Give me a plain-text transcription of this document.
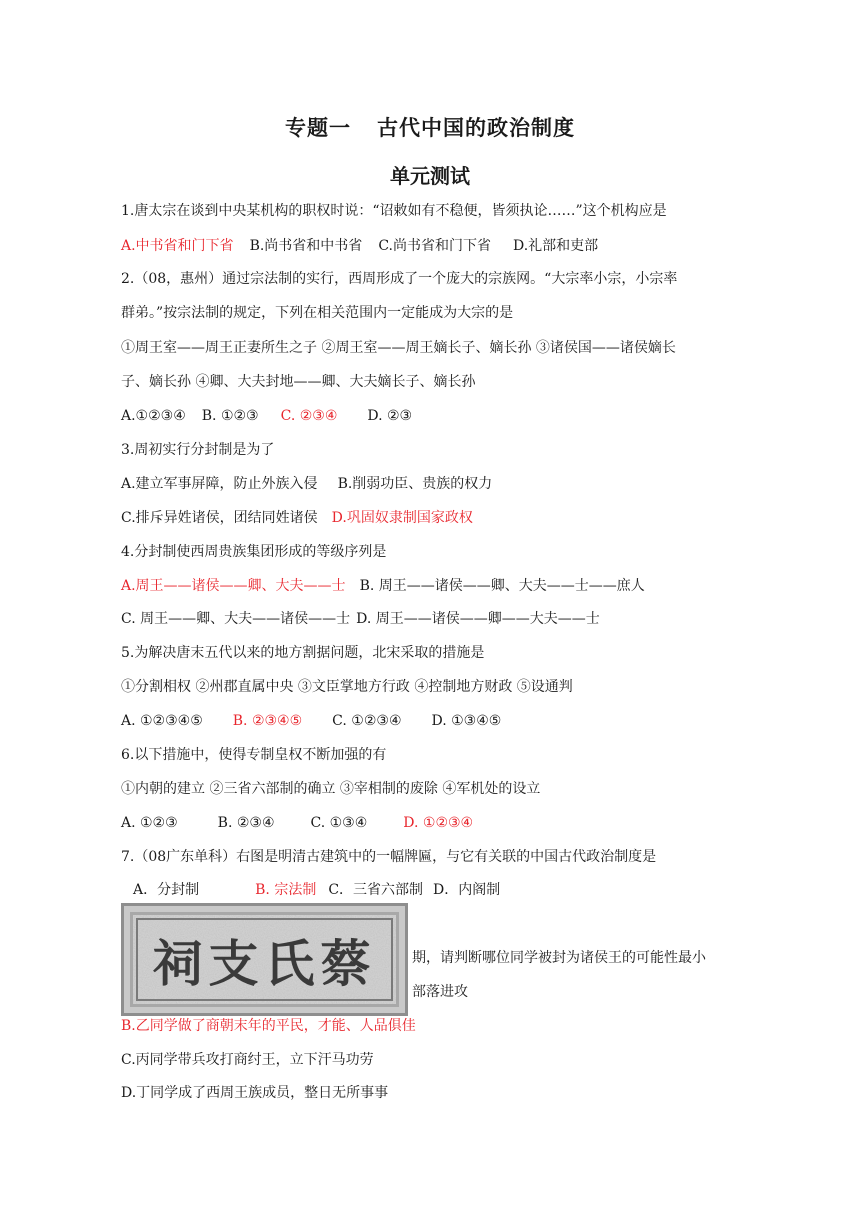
专题一 古代中国的政治制度
单元测试
1.唐太宗在谈到中央某机构的职权时说：“诏敕如有不稳便，皆须执论……”这个机构应是
A.中书省和门下省 B.尚书省和中书省 C.尚书省和门下省 D.礼部和吏部
2.（08，惠州）通过宗法制的实行，西周形成了一个庞大的宗族网。“大宗率小宗，小宗率
群弟。”按宗法制的规定，下列在相关范围内一定能成为大宗的是
①周王室——周王正妻所生之子 ②周王室——周王嫡长子、嫡长孙 ③诸侯国——诸侯嫡长
子、嫡长孙 ④卿、大夫封地——卿、大夫嫡长子、嫡长孙
A.①②③④ B. ①②③ C. ②③④ D. ②③
3.周初实行分封制是为了
A.建立军事屏障，防止外族入侵 B.削弱功臣、贵族的权力
C.排斥异姓诸侯，团结同姓诸侯 D.巩固奴隶制国家政权
4.分封制使西周贵族集团形成的等级序列是
A.周王——诸侯——卿、大夫——士 B. 周王——诸侯——卿、大夫——士——庶人
C. 周王——卿、大夫——诸侯——士 D. 周王——诸侯——卿——大夫——士
5.为解决唐末五代以来的地方割据问题，北宋采取的措施是
①分割相权 ②州郡直属中央 ③文臣掌地方行政 ④控制地方财政 ⑤设通判
A. ①②③④⑤ B. ②③④⑤ C. ①②③④ D. ①③④⑤
6.以下措施中，使得专制皇权不断加强的有
①内朝的建立 ②三省六部制的确立 ③宰相制的废除 ④军机处的设立
A. ①②③	B. ②③④	C. ①③④	D. ①②③④
7.（08广东单科）右图是明清古建筑中的一幅牌匾，与它有关联的中国古代政治制度是
A．分封制	B. 宗法制 C．三省六部制 D．内阁制
期，请判断哪位同学被封为诸侯王的可能性最小
部落进攻
B.乙同学做了商朝末年的平民，才能、人品俱佳
C.丙同学带兵攻打商纣王，立下汗马功劳
D.丁同学成了西周王族成员，整日无所事事
祠支氏蔡
